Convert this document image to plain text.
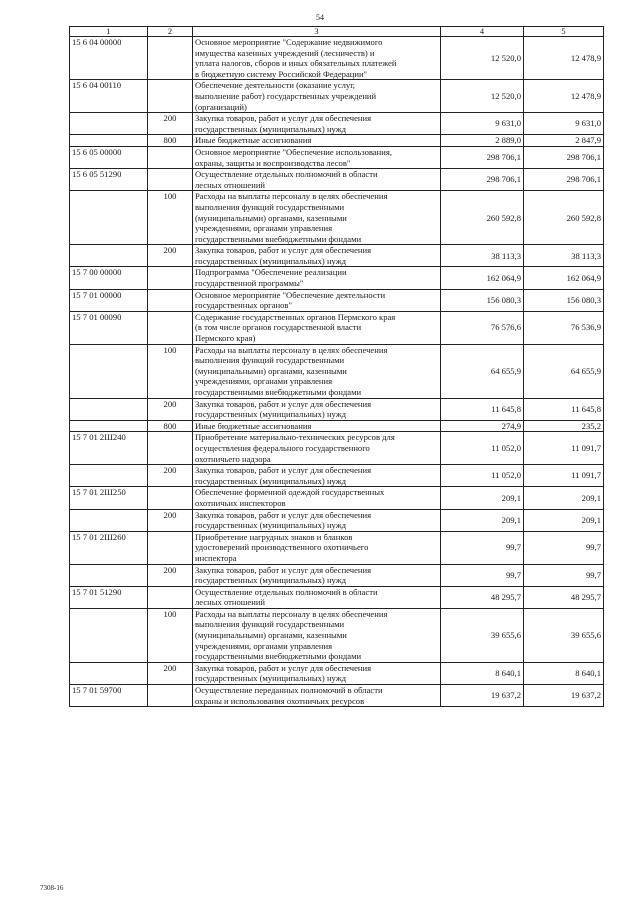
54
1	2	3	4	5
15 6 04 00000		Основное мероприятие "Содержание недвижимого
имущества казенных учреждений (лесничеств) и
уплата налогов, сборов и иных обязательных платежей
в бюджетную систему Российской Федерации"	12 520,0	12 478,9
15 6 04 00110		Обеспечение деятельности (оказание услуг,
выполнение работ) государственных учреждений
(организаций)	12 520,0	12 478,9
	200	Закупка товаров, работ и услуг для обеспечения
государственных (муниципальных) нужд	9 631,0	9 631,0
	800	Иные бюджетные ассигнования	2 889,0	2 847,9
15 6 05 00000		Основное мероприятие "Обеспечение использования,
охраны, защиты и воспроизводства лесов"	298 706,1	298 706,1
15 6 05 51290		Осуществление отдельных полномочий в области
лесных отношений	298 706,1	298 706,1
	100	Расходы на выплаты персоналу в целях обеспечения
выполнения функций государственными
(муниципальными) органами, казенными
учреждениями, органами управления
государственными внебюджетными фондами	260 592,8	260 592,8
	200	Закупка товаров, работ и услуг для обеспечения
государственных (муниципальных) нужд	38 113,3	38 113,3
15 7 00 00000		Подпрограмма "Обеспечение реализации
государственной программы"	162 064,9	162 064,9
15 7 01 00000		Основное мероприятие "Обеспечение деятельности
государственных органов"	156 080,3	156 080,3
15 7 01 00090		Содержание государственных органов Пермского края
(в том числе органов государственной власти
Пермского края)	76 576,6	76 536,9
	100	Расходы на выплаты персоналу в целях обеспечения
выполнения функций государственными
(муниципальными) органами, казенными
учреждениями, органами управления
государственными внебюджетными фондами	64 655,9	64 655,9
	200	Закупка товаров, работ и услуг для обеспечения
государственных (муниципальных) нужд	11 645,8	11 645,8
	800	Иные бюджетные ассигнования	274,9	235,2
15 7 01 2Ш240		Приобретение материально-технических ресурсов для
осуществления федерального государственного
охотничьего надзора	11 052,0	11 091,7
	200	Закупка товаров, работ и услуг для обеспечения
государственных (муниципальных) нужд	11 052,0	11 091,7
15 7 01 2Ш250		Обеспечение форменной одеждой государственных
охотничьих инспекторов	209,1	209,1
	200	Закупка товаров, работ и услуг для обеспечения
государственных (муниципальных) нужд	209,1	209,1
15 7 01 2Ш260		Приобретение нагрудных знаков и бланков
удостоверений производственного охотничьего
инспектора	99,7	99,7
	200	Закупка товаров, работ и услуг для обеспечения
государственных (муниципальных) нужд	99,7	99,7
15 7 01 51290		Осуществление отдельных полномочий в области
лесных отношений	48 295,7	48 295,7
	100	Расходы на выплаты персоналу в целях обеспечения
выполнения функций государственными
(муниципальными) органами, казенными
учреждениями, органами управления
государственными внебюджетными фондами	39 655,6	39 655,6
	200	Закупка товаров, работ и услуг для обеспечения
государственных (муниципальных) нужд	8 640,1	8 640,1
15 7 01 59700		Осуществление переданных полномочий в области
охраны и использования охотничьих ресурсов	19 637,2	19 637,2
7308-16
